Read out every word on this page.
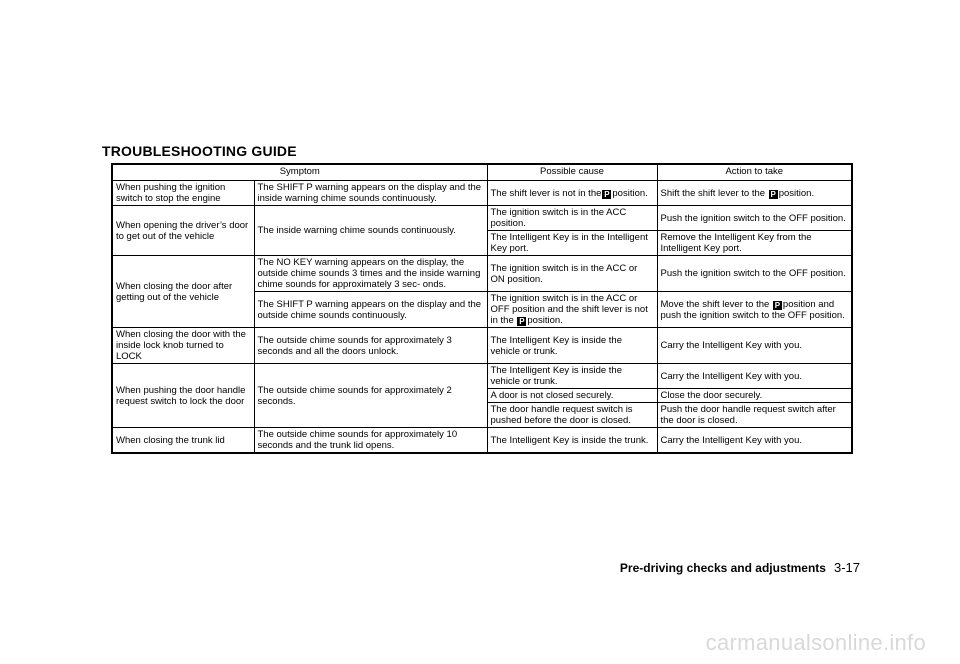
TROUBLESHOOTING GUIDE
Symptom		Possible cause	Action to take
When pushing the ignition switch to stop the engine	The SHIFT P warning appears on the display and the inside warning chime sounds continuously.	The shift lever is not in the P position.	Shift the shift lever to the P position.
When opening the driver’s door to get out of the vehicle	The inside warning chime sounds continuously.	The ignition switch is in the ACC position.	Push the ignition switch to the OFF position.
		The Intelligent Key is in the Intelligent Key port.	Remove the Intelligent Key from the Intelligent Key port.
When closing the door after getting out of the vehicle	The NO KEY warning appears on the display, the outside chime sounds 3 times and the inside warning chime sounds for approximately 3 sec- onds.	The ignition switch is in the ACC or ON position.	Push the ignition switch to the OFF position.
	The SHIFT P warning appears on the display and the outside chime sounds continuously.	The ignition switch is in the ACC or OFF position and the shift lever is not in the P position.	Move the shift lever to the P position and push the ignition switch to the OFF position.
When closing the door with the inside lock knob turned to LOCK	The outside chime sounds for approximately 3 seconds and all the doors unlock.	The Intelligent Key is inside the vehicle or trunk.	Carry the Intelligent Key with you.
When pushing the door handle request switch to lock the door	The outside chime sounds for approximately 2 seconds.	The Intelligent Key is inside the vehicle or trunk.	Carry the Intelligent Key with you.
		A door is not closed securely.	Close the door securely.
		The door handle request switch is pushed before the door is closed.	Push the door handle request switch after the door is closed.
When closing the trunk lid	The outside chime sounds for approximately 10 seconds and the trunk lid opens.	The Intelligent Key is inside the trunk.	Carry the Intelligent Key with you.
Pre-driving checks and adjustments 3-17
carmanualsonline.info
